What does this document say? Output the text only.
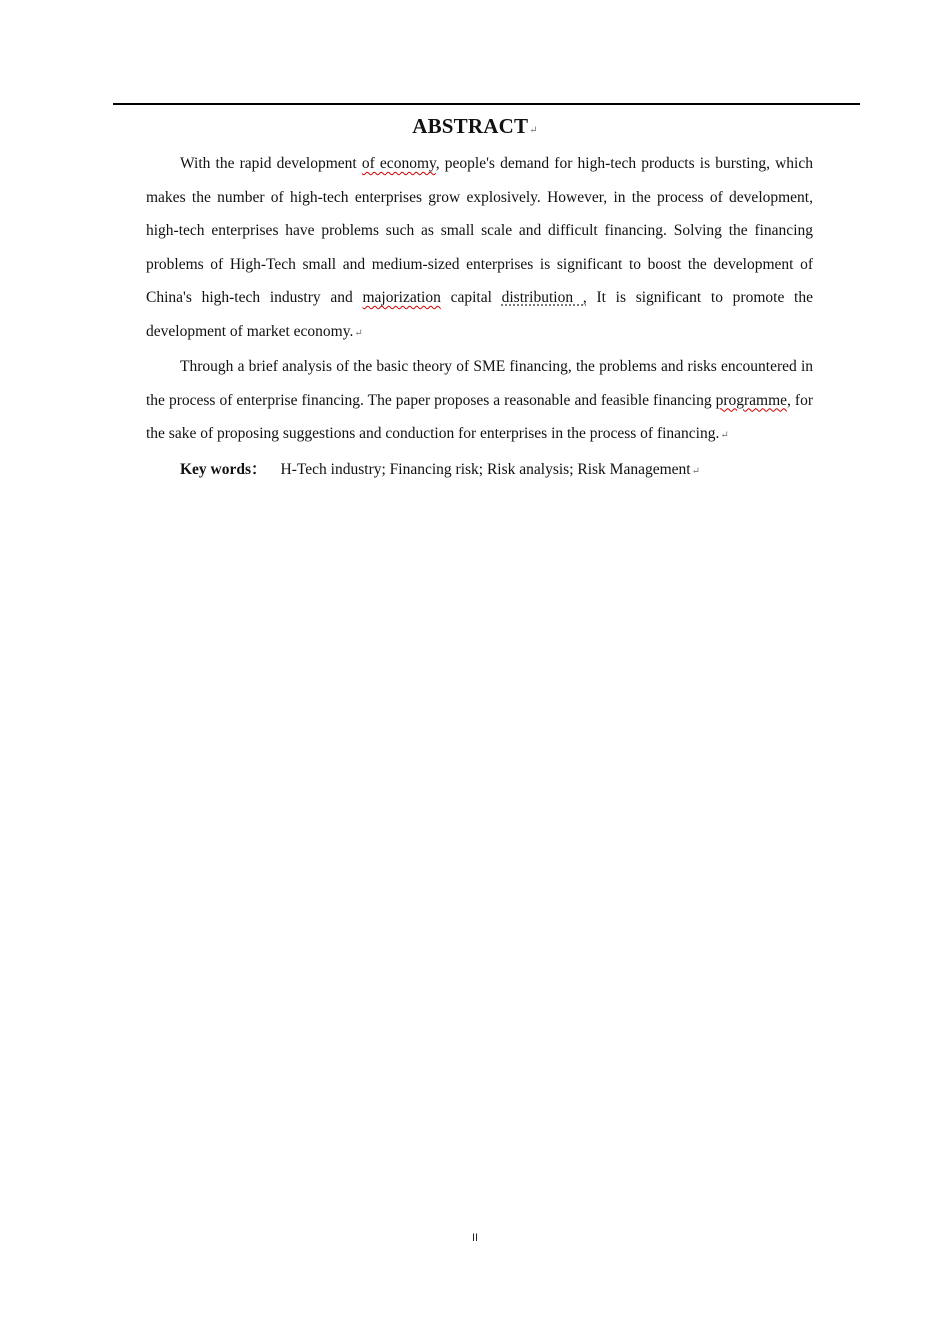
ABSTRACT↵

With the rapid development of economy, people's demand for high-tech products is bursting, which makes the number of high-tech enterprises grow explosively. However, in the process of development, high-tech enterprises have problems such as small scale and difficult financing. Solving the financing problems of High-Tech small and medium-sized enterprises is significant to boost the development of China's high-tech industry and majorization capital distribution , It is significant to promote the development of market economy.↵

Through a brief analysis of the basic theory of SME financing, the problems and risks encountered in the process of enterprise financing. The paper proposes a reasonable and feasible financing programme, for the sake of proposing suggestions and conduction for enterprises in the process of financing.↵

Key words： H-Tech industry; Financing risk; Risk analysis; Risk Management↵

II
